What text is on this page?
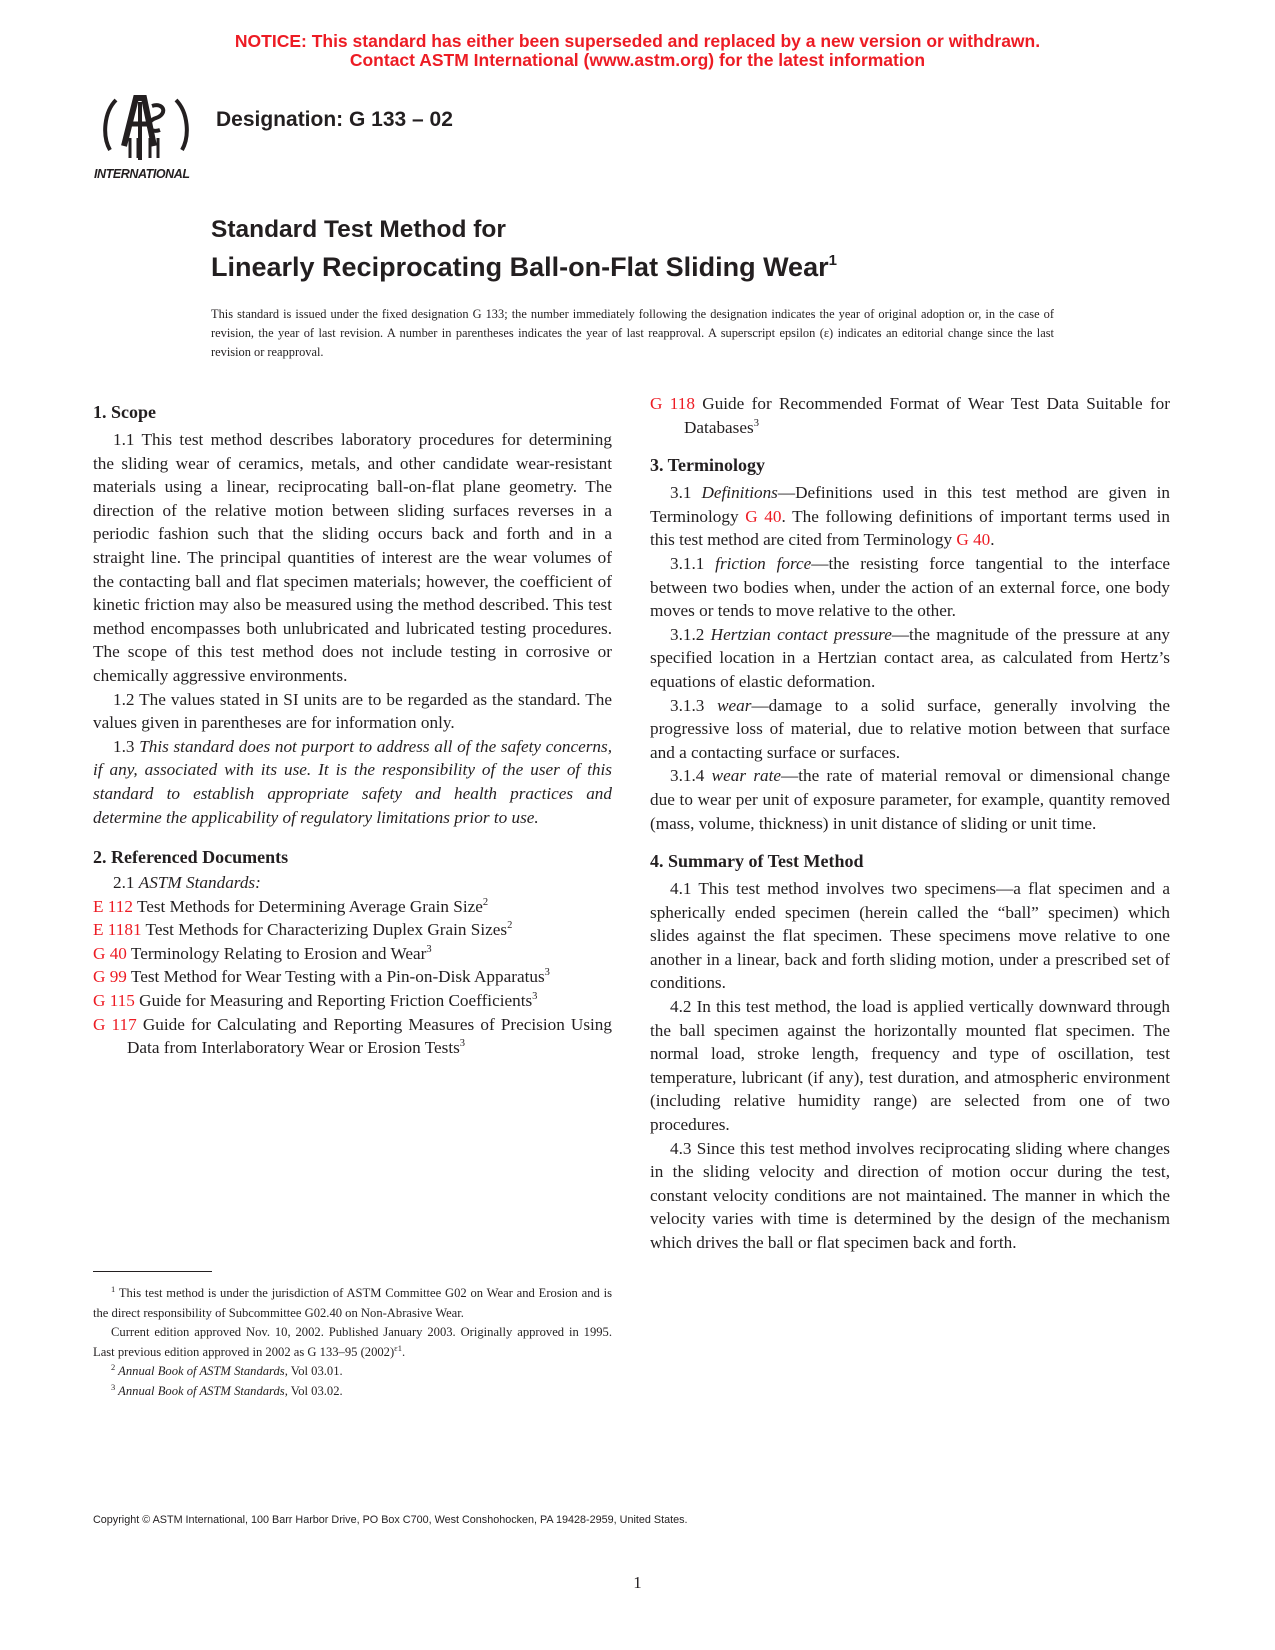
NOTICE: This standard has either been superseded and replaced by a new version or withdrawn.
Contact ASTM International (www.astm.org) for the latest information
INTERNATIONAL
Designation: G 133 – 02
Standard Test Method for
Linearly Reciprocating Ball-on-Flat Sliding Wear$^1$
This standard is issued under the fixed designation G 133; the number immediately following the designation indicates the year of original adoption or, in the case of revision, the year of last revision. A number in parentheses indicates the year of last reapproval. A superscript epsilon (ε) indicates an editorial change since the last revision or reapproval.
1. Scope

1.1 This test method describes laboratory procedures for determining the sliding wear of ceramics, metals, and other candidate wear-resistant materials using a linear, reciprocating ball-on-flat plane geometry. The direction of the relative motion between sliding surfaces reverses in a periodic fashion such that the sliding occurs back and forth and in a straight line. The principal quantities of interest are the wear volumes of the contacting ball and flat specimen materials; however, the coefficient of kinetic friction may also be measured using the method described. This test method encompasses both unlubricated and lubricated testing procedures. The scope of this test method does not include testing in corrosive or chemically aggressive environments.

1.2 The values stated in SI units are to be regarded as the standard. The values given in parentheses are for information only.

1.3 This standard does not purport to address all of the safety concerns, if any, associated with its use. It is the responsibility of the user of this standard to establish appropriate safety and health practices and determine the applicability of regulatory limitations prior to use.

2. Referenced Documents
2.1 ASTM Standards:
E 112 Test Methods for Determining Average Grain Size$^2$
E 1181 Test Methods for Characterizing Duplex Grain Sizes$^2$
G 40 Terminology Relating to Erosion and Wear$^3$
G 99 Test Method for Wear Testing with a Pin-on-Disk Apparatus$^3$
G 115 Guide for Measuring and Reporting Friction Coefficients$^3$
G 117 Guide for Calculating and Reporting Measures of Precision Using Data from Interlaboratory Wear or Erosion Tests$^3$
G 118 Guide for Recommended Format of Wear Test Data Suitable for Databases$^3$
3. Terminology

3.1 Definitions—Definitions used in this test method are given in Terminology G 40. The following definitions of important terms used in this test method are cited from Terminology G 40.

3.1.1 friction force—the resisting force tangential to the interface between two bodies when, under the action of an external force, one body moves or tends to move relative to the other.

3.1.2 Hertzian contact pressure—the magnitude of the pressure at any specified location in a Hertzian contact area, as calculated from Hertz’s equations of elastic deformation.

3.1.3 wear—damage to a solid surface, generally involving the progressive loss of material, due to relative motion between that surface and a contacting surface or surfaces.

3.1.4 wear rate—the rate of material removal or dimensional change due to wear per unit of exposure parameter, for example, quantity removed (mass, volume, thickness) in unit distance of sliding or unit time.

4. Summary of Test Method

4.1 This test method involves two specimens—a flat specimen and a spherically ended specimen (herein called the “ball” specimen) which slides against the flat specimen. These specimens move relative to one another in a linear, back and forth sliding motion, under a prescribed set of conditions.

4.2 In this test method, the load is applied vertically downward through the ball specimen against the horizontally mounted flat specimen. The normal load, stroke length, frequency and type of oscillation, test temperature, lubricant (if any), test duration, and atmospheric environment (including relative humidity range) are selected from one of two procedures.

4.3 Since this test method involves reciprocating sliding where changes in the sliding velocity and direction of motion occur during the test, constant velocity conditions are not maintained. The manner in which the velocity varies with time is determined by the design of the mechanism which drives the ball or flat specimen back and forth.

$^1$ This test method is under the jurisdiction of ASTM Committee G02 on Wear and Erosion and is the direct responsibility of Subcommittee G02.40 on Non-Abrasive Wear.

Current edition approved Nov. 10, 2002. Published January 2003. Originally approved in 1995. Last previous edition approved in 2002 as G 133–95 $(2002)^{\varepsilon 1}$.

$^2$ Annual Book of ASTM Standards, Vol 03.01.

$^3$ Annual Book of ASTM Standards, Vol 03.02.

Copyright © ASTM International, 100 Barr Harbor Drive, PO Box C700, West Conshohocken, PA 19428-2959, United States.
1
